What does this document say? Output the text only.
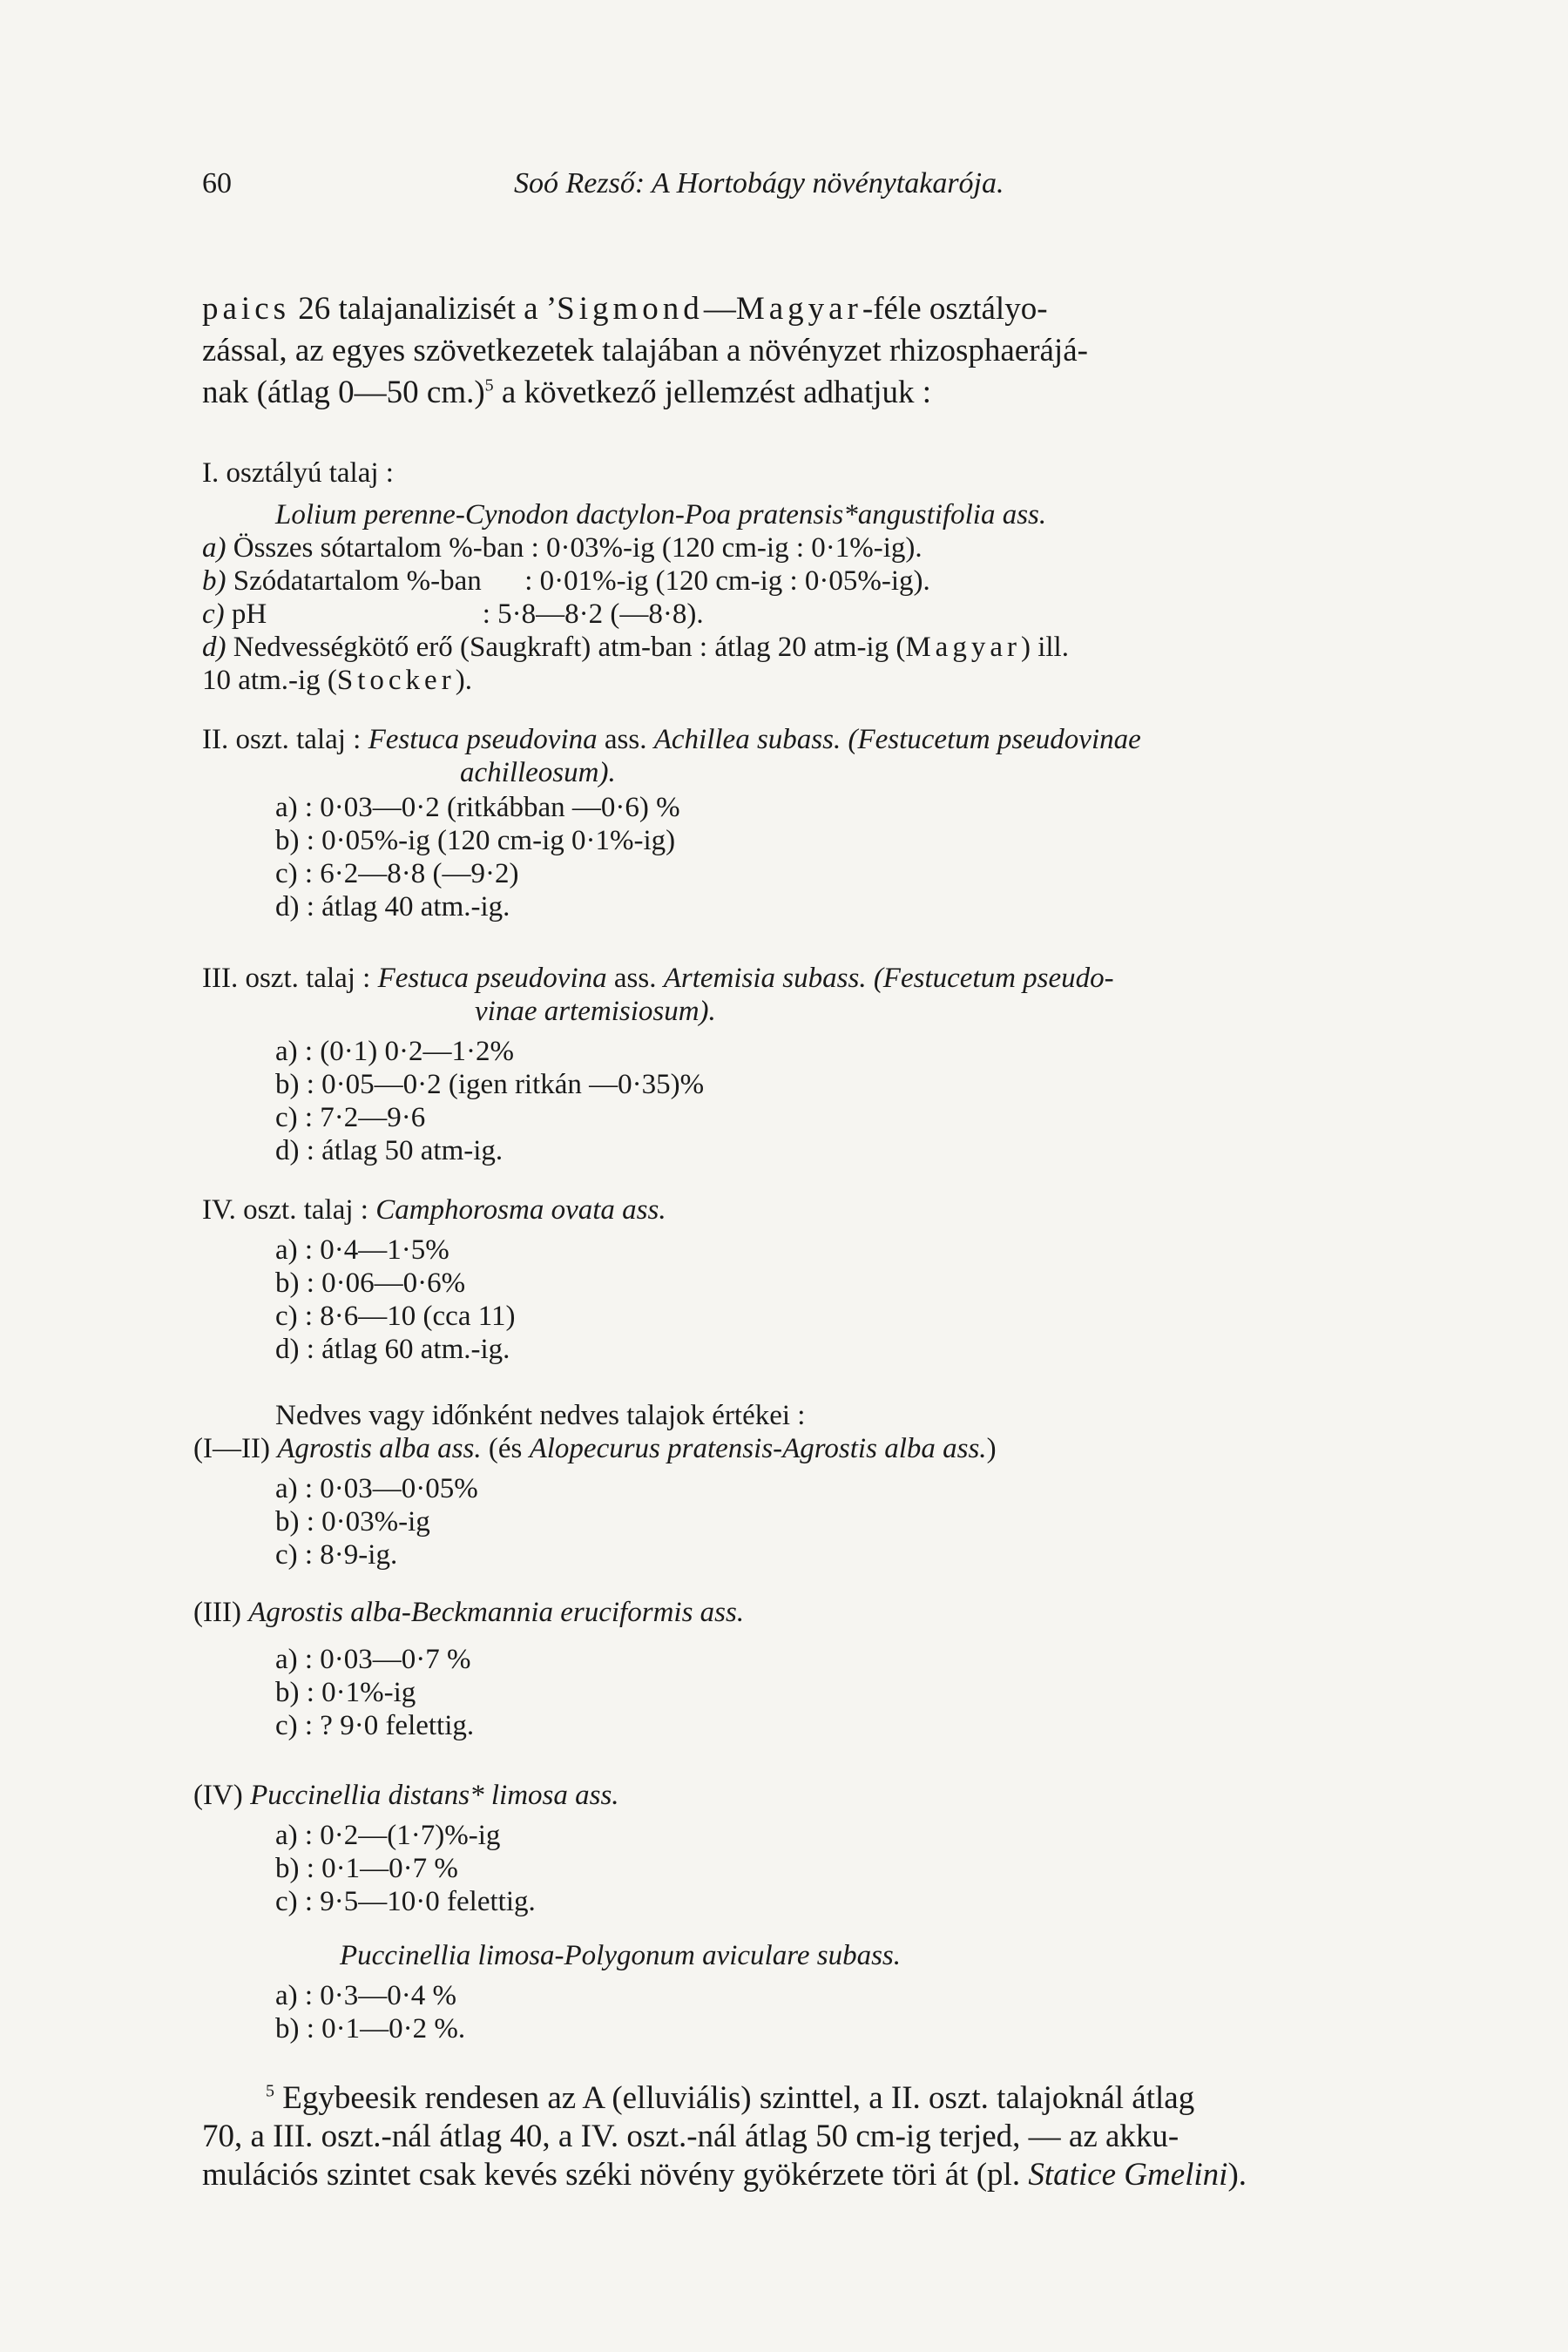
60	Soó Rezső: A Hortobágy növénytakarója.
paics 26 talajanalizisét a ’Sigmond—Magyar-féle osztályo-
zással, az egyes szövetkezetek talajában a növényzet rhizosphaerájá-
nak (átlag 0—50 cm.)$^5$ a következő jellemzést adhatjuk :
I. osztályú talaj :
Lolium perenne-Cynodon dactylon-Poa pratensis*angustifolia ass.
a) Összes sótartalom %-ban : 0·03%-ig (120 cm-ig : 0·1%-ig).
b) Szódatartalom %-ban      : 0·01%-ig (120 cm-ig : 0·05%-ig).
c) pH                              : 5·8—8·2 (—8·8).
d) Nedvességkötő erő (Saugkraft) atm-ban : átlag 20 atm-ig (Magyar) ill.
10 atm.-ig (Stocker).
II. oszt. talaj : Festuca pseudovina ass. Achillea subass. (Festucetum pseudovinae
achilleosum).
a) : 0·03—0·2 (ritkábban —0·6) %
b) : 0·05%-ig (120 cm-ig 0·1%-ig)
c) : 6·2—8·8 (—9·2)
d) : átlag 40 atm.-ig.
III. oszt. talaj : Festuca pseudovina ass. Artemisia subass. (Festucetum pseudo-
vinae artemisiosum).
a) : (0·1) 0·2—1·2%
b) : 0·05—0·2 (igen ritkán —0·35)%
c) : 7·2—9·6
d) : átlag 50 atm-ig.
IV. oszt. talaj : Camphorosma ovata ass.
a) : 0·4—1·5%
b) : 0·06—0·6%
c) : 8·6—10 (cca 11)
d) : átlag 60 atm.-ig.
Nedves vagy időnként nedves talajok értékei :
(I—II) Agrostis alba ass. (és Alopecurus pratensis-Agrostis alba ass.)
a) : 0·03—0·05%
b) : 0·03%-ig
c) : 8·9-ig.
(III) Agrostis alba-Beckmannia eruciformis ass.
a) : 0·03—0·7 %
b) : 0·1%-ig
c) : ? 9·0 felettig.
(IV) Puccinellia distans* limosa ass.
a) : 0·2—(1·7)%-ig
b) : 0·1—0·7 %
c) : 9·5—10·0 felettig.
Puccinellia limosa-Polygonum aviculare subass.
a) : 0·3—0·4 %
b) : 0·1—0·2 %.
$^5$ Egybeesik rendesen az A (elluviális) szinttel, a II. oszt. talajoknál átlag
70, a III. oszt.-nál átlag 40, a IV. oszt.-nál átlag 50 cm-ig terjed, — az akku-
mulációs szintet csak kevés széki növény gyökérzete töri át (pl. Statice Gmelini).
